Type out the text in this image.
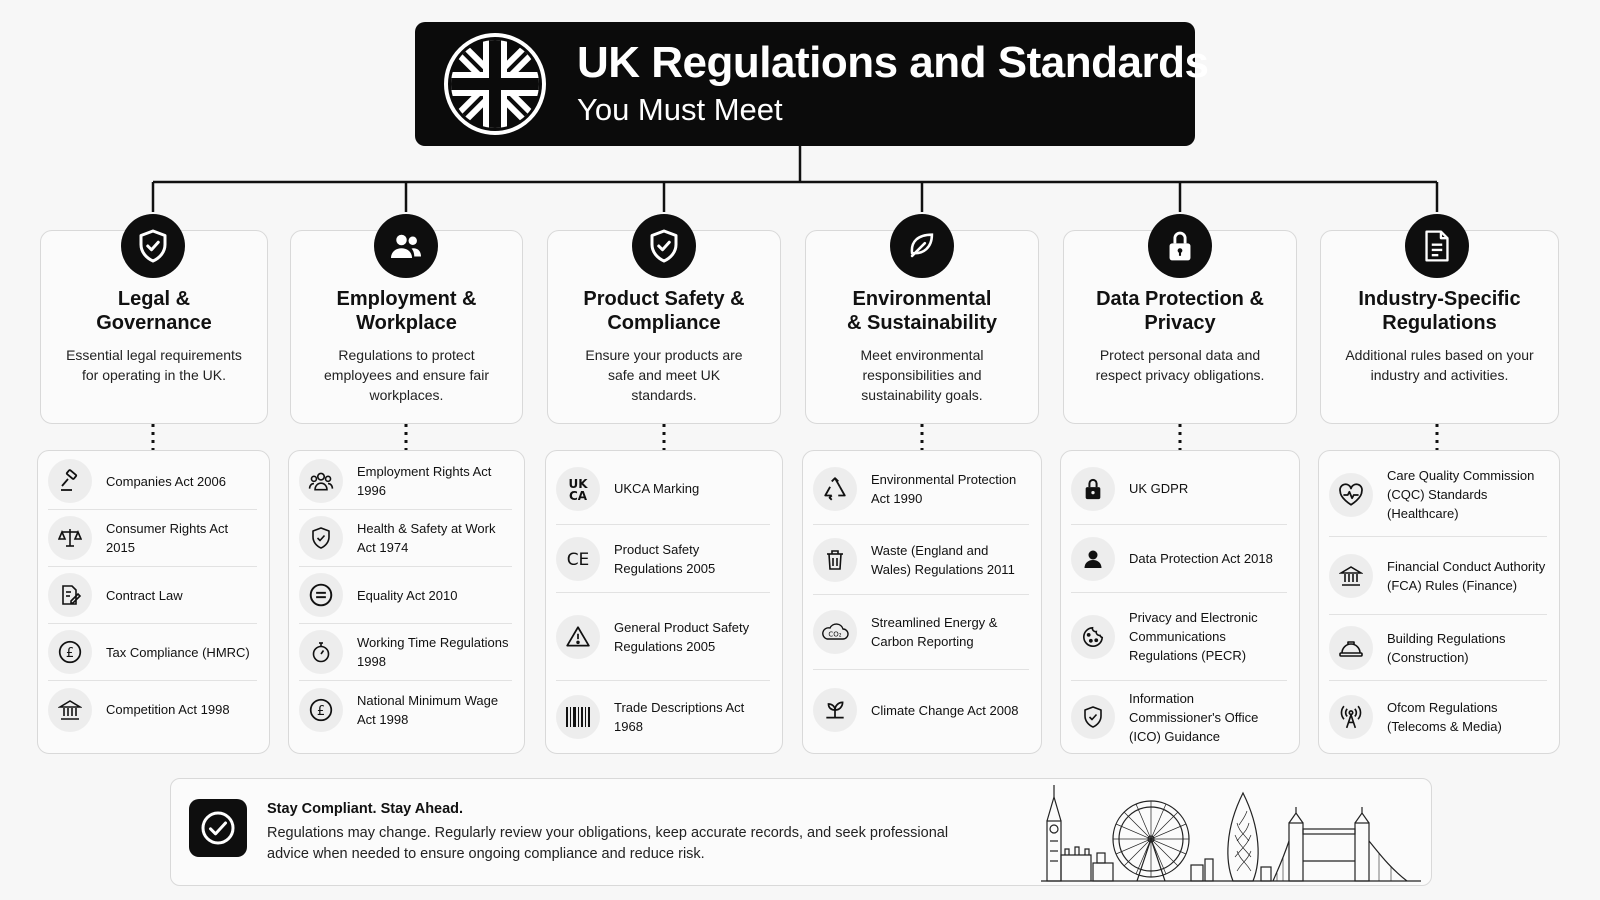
UK Regulations and Standards
You Must Meet
Legal &
Governance
Essential legal requirements for operating in the UK.
Companies Act 2006
Consumer Rights Act 2015
Contract Law
£ Tax Compliance (HMRC)
Competition Act 1998
Employment &
Workplace
Regulations to protect employees and ensure fair workplaces.
Employment Rights Act 1996
Health & Safety at Work Act 1974
Equality Act 2010
Working Time Regulations 1998
£
National Minimum Wage Act 1998
Product Safety &
Compliance
Ensure your products are safe and meet UK standards.
UK
CA UKCA Marking
CE
Product Safety Regulations 2005
General Product Safety Regulations 2005
Trade Descriptions Act 1968
Environmental
& Sustainability
Meet environmental responsibilities and sustainability goals.
Environmental Protection Act 1990
Waste (England and Wales) Regulations 2011
CO₂
Streamlined Energy & Carbon Reporting
Climate Change Act 2008
Data Protection &
Privacy
Protect personal data and respect privacy obligations.
UK GDPR
Data Protection Act 2018
Privacy and Electronic Communications Regulations (PECR)
Information Commissioner's Office (ICO) Guidance
Industry-Specific
Regulations
Additional rules based on your industry and activities.
Care Quality Commission (CQC) Standards (Healthcare)
Financial Conduct Authority (FCA) Rules (Finance)
Building Regulations (Construction)
Ofcom Regulations (Telecoms & Media)
Stay Compliant. Stay Ahead.
Regulations may change. Regularly review your obligations, keep accurate records, and seek professional advice when needed to ensure ongoing compliance and reduce risk.
